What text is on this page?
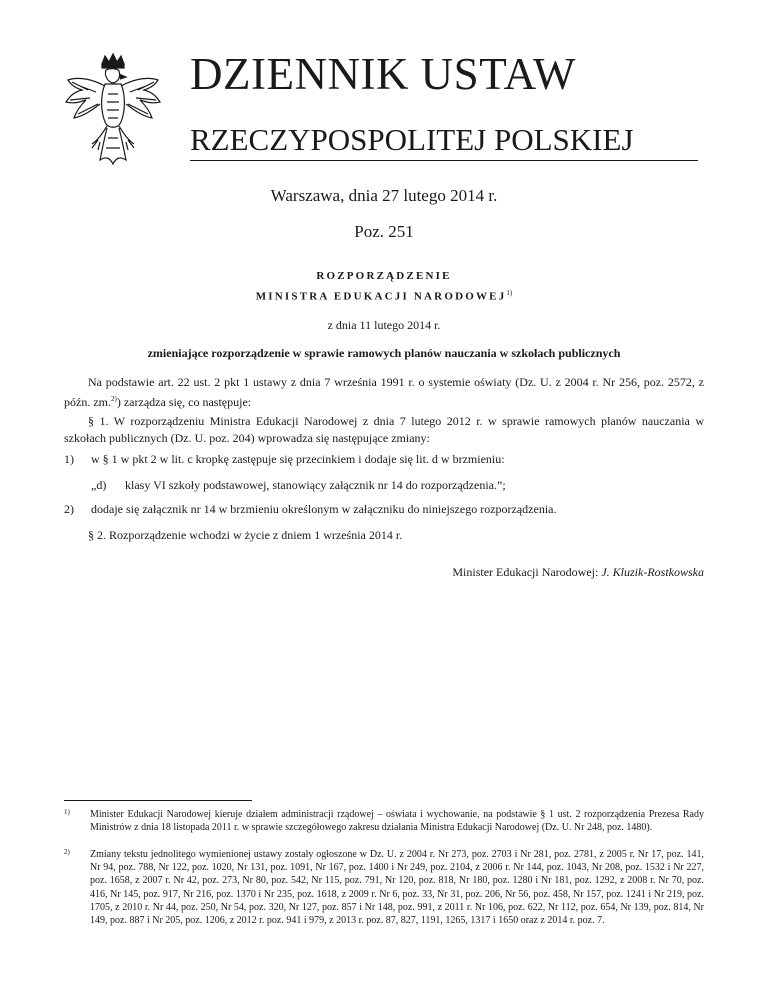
DZIENNIK USTAW
RZECZYPOSPOLITEJ POLSKIEJ
Warszawa, dnia 27 lutego 2014 r.
Poz. 251
ROZPORZĄDZENIE
MINISTRA EDUKACJI NARODOWEJ$^{1)}$
z dnia 11 lutego 2014 r.
zmieniające rozporządzenie w sprawie ramowych planów nauczania w szkołach publicznych
Na podstawie art. 22 ust. 2 pkt 1 ustawy z dnia 7 września 1991 r. o systemie oświaty (Dz. U. z 2004 r. Nr 256, poz. 2572, z późn. zm.$^{2)}$) zarządza się, co następuje:
§ 1. W rozporządzeniu Ministra Edukacji Narodowej z dnia 7 lutego 2012 r. w sprawie ramowych planów nauczania w szkołach publicznych (Dz. U. poz. 204) wprowadza się następujące zmiany:
1) w § 1 w pkt 2 w lit. c kropkę zastępuje się przecinkiem i dodaje się lit. d w brzmieniu:
„d) klasy VI szkoły podstawowej, stanowiący załącznik nr 14 do rozporządzenia.”;
2) dodaje się załącznik nr 14 w brzmieniu określonym w załączniku do niniejszego rozporządzenia.
§ 2. Rozporządzenie wchodzi w życie z dniem 1 września 2014 r.
Minister Edukacji Narodowej: J. Kluzik-Rostkowska
1) Minister Edukacji Narodowej kieruje działem administracji rządowej – oświata i wychowanie, na podstawie § 1 ust. 2 rozporządzenia Prezesa Rady Ministrów z dnia 18 listopada 2011 r. w sprawie szczegółowego zakresu działania Ministra Edukacji Narodowej (Dz. U. Nr 248, poz. 1480).
2) Zmiany tekstu jednolitego wymienionej ustawy zostały ogłoszone w Dz. U. z 2004 r. Nr 273, poz. 2703 i Nr 281, poz. 2781, z 2005 r. Nr 17, poz. 141, Nr 94, poz. 788, Nr 122, poz. 1020, Nr 131, poz. 1091, Nr 167, poz. 1400 i Nr 249, poz. 2104, z 2006 r. Nr 144, poz. 1043, Nr 208, poz. 1532 i Nr 227, poz. 1658, z 2007 r. Nr 42, poz. 273, Nr 80, poz. 542, Nr 115, poz. 791, Nr 120, poz. 818, Nr 180, poz. 1280 i Nr 181, poz. 1292, z 2008 r. Nr 70, poz. 416, Nr 145, poz. 917, Nr 216, poz. 1370 i Nr 235, poz. 1618, z 2009 r. Nr 6, poz. 33, Nr 31, poz. 206, Nr 56, poz. 458, Nr 157, poz. 1241 i Nr 219, poz. 1705, z 2010 r. Nr 44, poz. 250, Nr 54, poz. 320, Nr 127, poz. 857 i Nr 148, poz. 991, z 2011 r. Nr 106, poz. 622, Nr 112, poz. 654, Nr 139, poz. 814, Nr 149, poz. 887 i Nr 205, poz. 1206, z 2012 r. poz. 941 i 979, z 2013 r. poz. 87, 827, 1191, 1265, 1317 i 1650 oraz z 2014 r. poz. 7.
